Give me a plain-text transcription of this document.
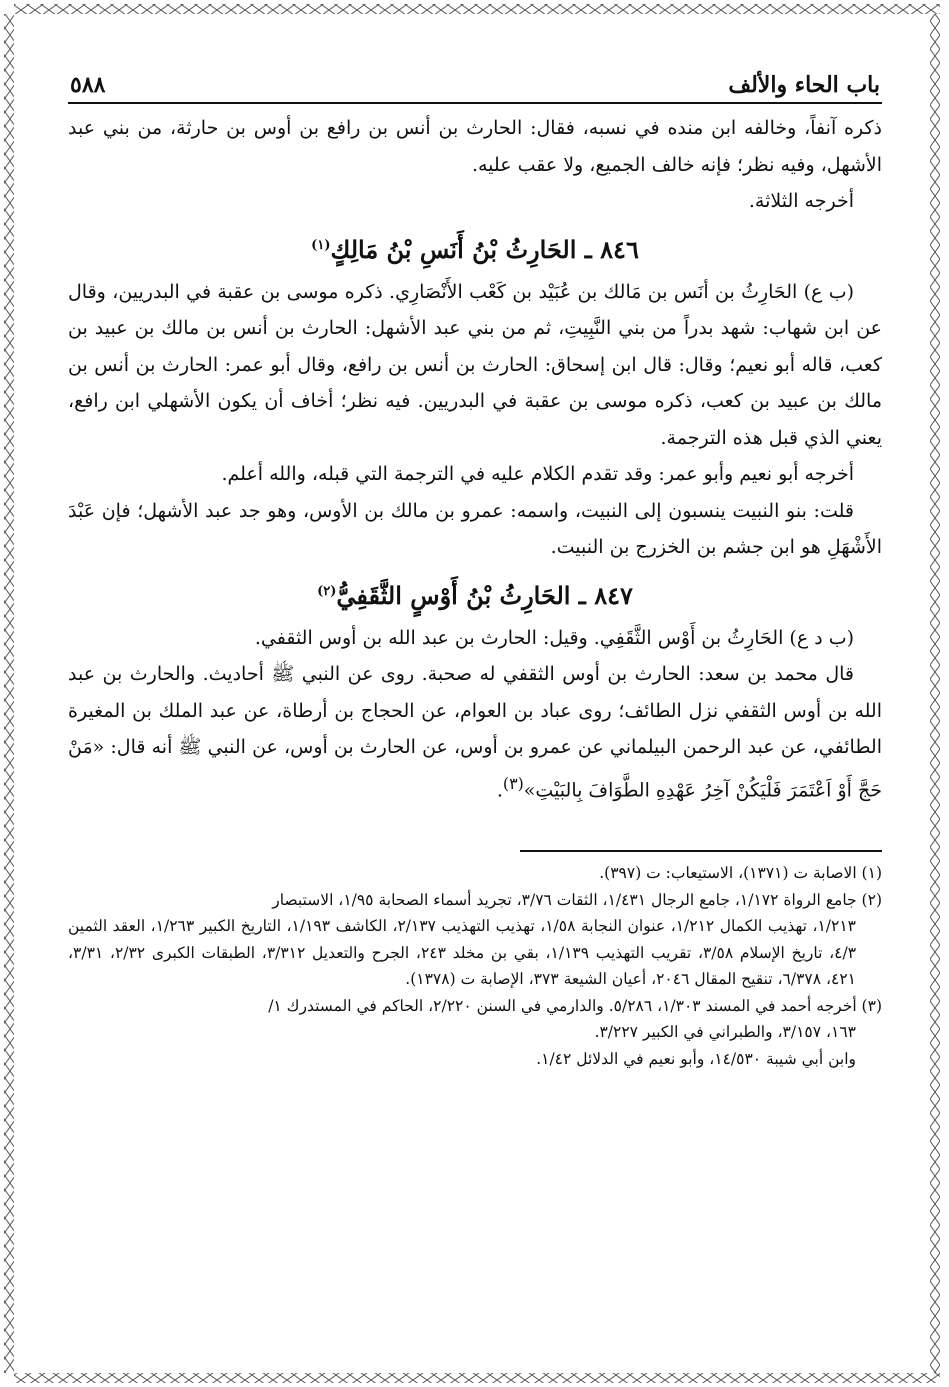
باب الحاء والألف
٥٨٨

ذكره آنفاً، وخالفه ابن منده في نسبه، فقال: الحارث بن أنس بن رافع بن أوس بن حارثة، من بني عبد الأشهل، وفيه نظر؛ فإنه خالف الجميع، ولا عقب عليه.

أخرجه الثلاثة.

٨٤٦ ـ الحَارِثُ بْنُ أَنَسِ بْنُ مَالِكٍ$^{(١)}$

(ب ع) الحَارِثُ بن أنَس بن مَالك بن عُبَيْد بن كَعْب الأَنْصَارِي. ذكره موسى بن عقبة في البدريين، وقال عن ابن شهاب: شهد بدراً من بني النَّبِيتِ، ثم من بني عبد الأشهل: الحارث بن أنس بن مالك بن عبيد بن كعب، قاله أبو نعيم؛ وقال: قال ابن إسحاق: الحارث بن أنس بن رافع، وقال أبو عمر: الحارث بن أنس بن مالك بن عبيد بن كعب، ذكره موسى بن عقبة في البدريين. فيه نظر؛ أخاف أن يكون الأشهلي ابن رافع، يعني الذي قبل هذه الترجمة.

أخرجه أبو نعيم وأبو عمر: وقد تقدم الكلام عليه في الترجمة التي قبله، والله أعلم.

قلت: بنو النبيت ينسبون إلى النبيت، واسمه: عمرو بن مالك بن الأوس، وهو جد عبد الأشهل؛ فإن عَبْدَ الأَشْهَلِ هو ابن جشم بن الخزرج بن النبيت.

٨٤٧ ـ الحَارِثُ بْنُ أَوْسٍ الثَّقَفِيُّ$^{(٢)}$

(ب د ع) الحَارِثُ بن أَوْس الثَّقَفِي. وقيل: الحارث بن عبد الله بن أوس الثقفي.

قال محمد بن سعد: الحارث بن أوس الثقفي له صحبة. روى عن النبي ﷺ أحاديث. والحارث بن عبد الله بن أوس الثقفي نزل الطائف؛ روى عباد بن العوام، عن الحجاج بن أرطاة، عن عبد الملك بن المغيرة الطائفي، عن عبد الرحمن البيلماني عن عمرو بن أوس، عن الحارث بن أوس، عن النبي ﷺ أنه قال: «مَنْ حَجَّ أَوْ اَعْتَمَرَ فَلْيَكُنْ آخِرُ عَهْدِهِ الطَّوَافَ بِالبَيْتِ»$^{(٣)}$.

(١) الاصابة ت (١٣٧١)، الاستيعاب: ت (٣٩٧).

(٢) جامع الرواة ١/١٧٢، جامع الرجال ١/٤٣١، الثقات ٣/٧٦، تجريد أسماء الصحابة ١/٩٥، الاستبصار

١/٢١٣، تهذيب الكمال ١/٢١٢، عنوان النجابة ١/٥٨، تهذيب التهذيب ٢/١٣٧، الكاشف ١/١٩٣، التاريخ الكبير ١/٢٦٣، العقد الثمين ٤/٣، تاريخ الإسلام ٣/٥٨، تقريب التهذيب ١/١٣٩، بقي بن مخلد ٢٤٣، الجرح والتعديل ٣/٣١٢، الطبقات الكبرى ٢/٣٢، ٣/٣١، ٤٢١، ٦/٣٧٨، تنقيح المقال ٢٠٤٦، أعيان الشيعة ٣٧٣، الإصابة ت (١٣٧٨).

(٣) أخرجه أحمد في المسند ١/٣٠٣، ٥/٢٨٦. والدارمي في السنن ٢/٢٢٠، الحاكم في المستدرك ١/

١٦٣، ٣/١٥٧، والطبراني في الكبير ٣/٢٢٧.

وابن أبي شيبة ١٤/٥٣٠، وأبو نعيم في الدلائل ١/٤٢.
